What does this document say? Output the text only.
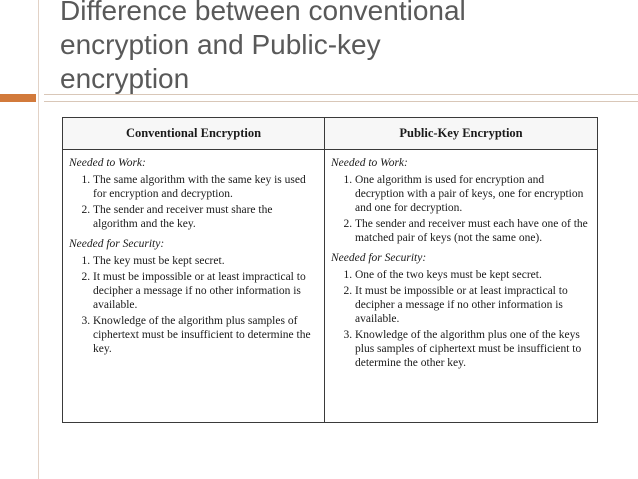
Difference between conventional
encryption and Public-key
encryption
Conventional Encryption
Needed to Work:
1. The same algorithm with the same key is used for encryption and decryption.
2. The sender and receiver must share the algorithm and the key.
Needed for Security:
1. The key must be kept secret.
2. It must be impossible or at least impractical to decipher a message if no other information is available.
3. Knowledge of the algorithm plus samples of ciphertext must be insufficient to determine the key.
Public-Key Encryption
Needed to Work:
1. One algorithm is used for encryption and decryption with a pair of keys, one for encryption and one for decryption.
2. The sender and receiver must each have one of the matched pair of keys (not the same one).
Needed for Security:
1. One of the two keys must be kept secret.
2. It must be impossible or at least impractical to decipher a message if no other information is available.
3. Knowledge of the algorithm plus one of the keys plus samples of ciphertext must be insufficient to determine the other key.
